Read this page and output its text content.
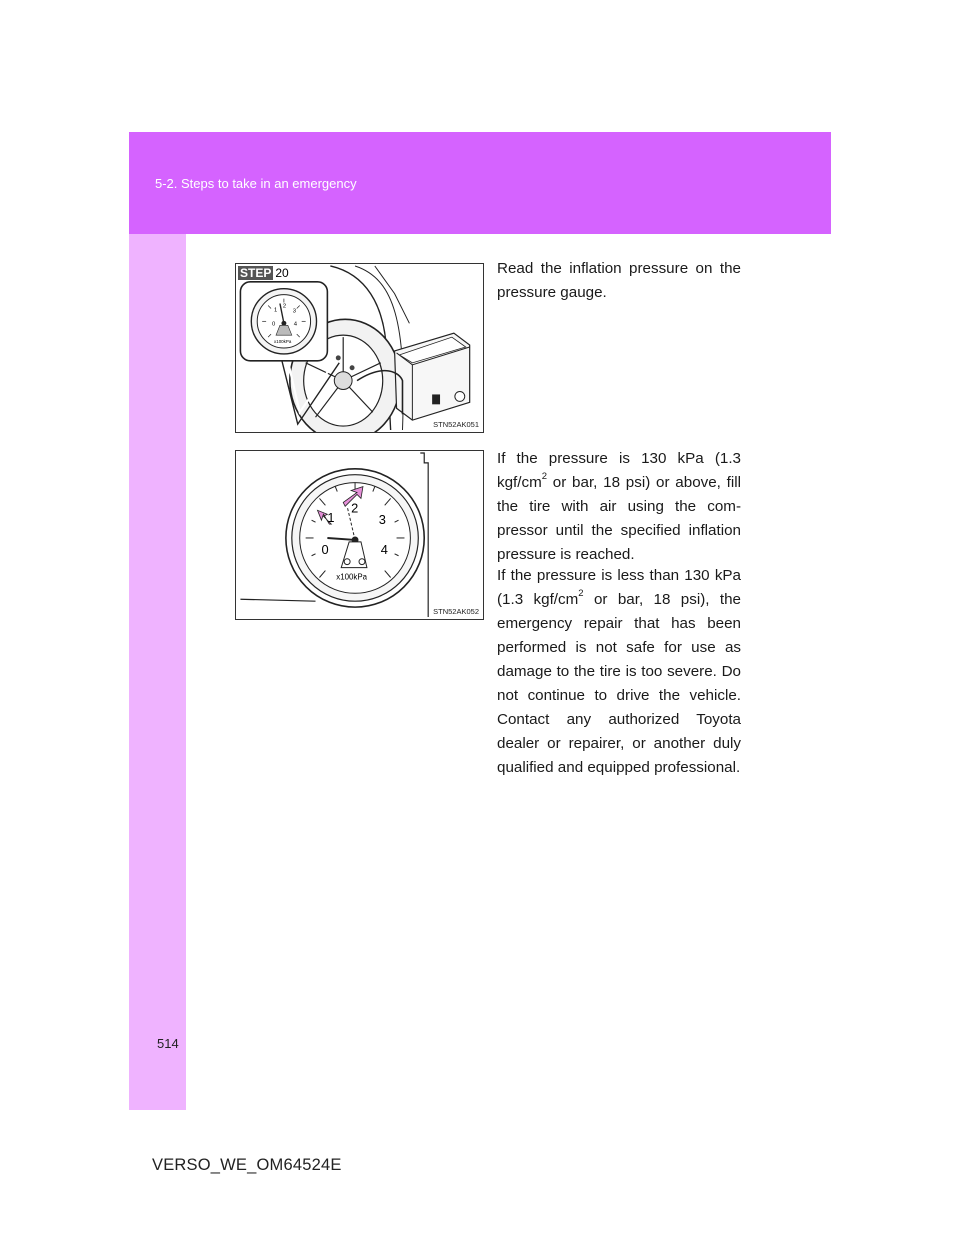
5-2. Steps to take in an emergency
0
1
2
3
4
x100kPa
STEP 20
STN52AK051
0
1
2
3
4
x100kPa
STN52AK052
Read the inflation pressure on the pressure gauge.
If the pressure is 130 kPa (1.3 kgf/$cm^2$ or bar, 18 psi) or above, fill the tire with air using the compressor until the specified inflation pressure is reached.
If the pressure is less than 130 kPa (1.3 kgf/$cm^2$ or bar, 18 psi), the emergency repair that has been performed is not safe for use as damage to the tire is too severe. Do not continue to drive the vehicle. Contact any authorized Toyota dealer or repairer, or another duly qualified and equipped professional.
514
VERSO_WE_OM64524E
